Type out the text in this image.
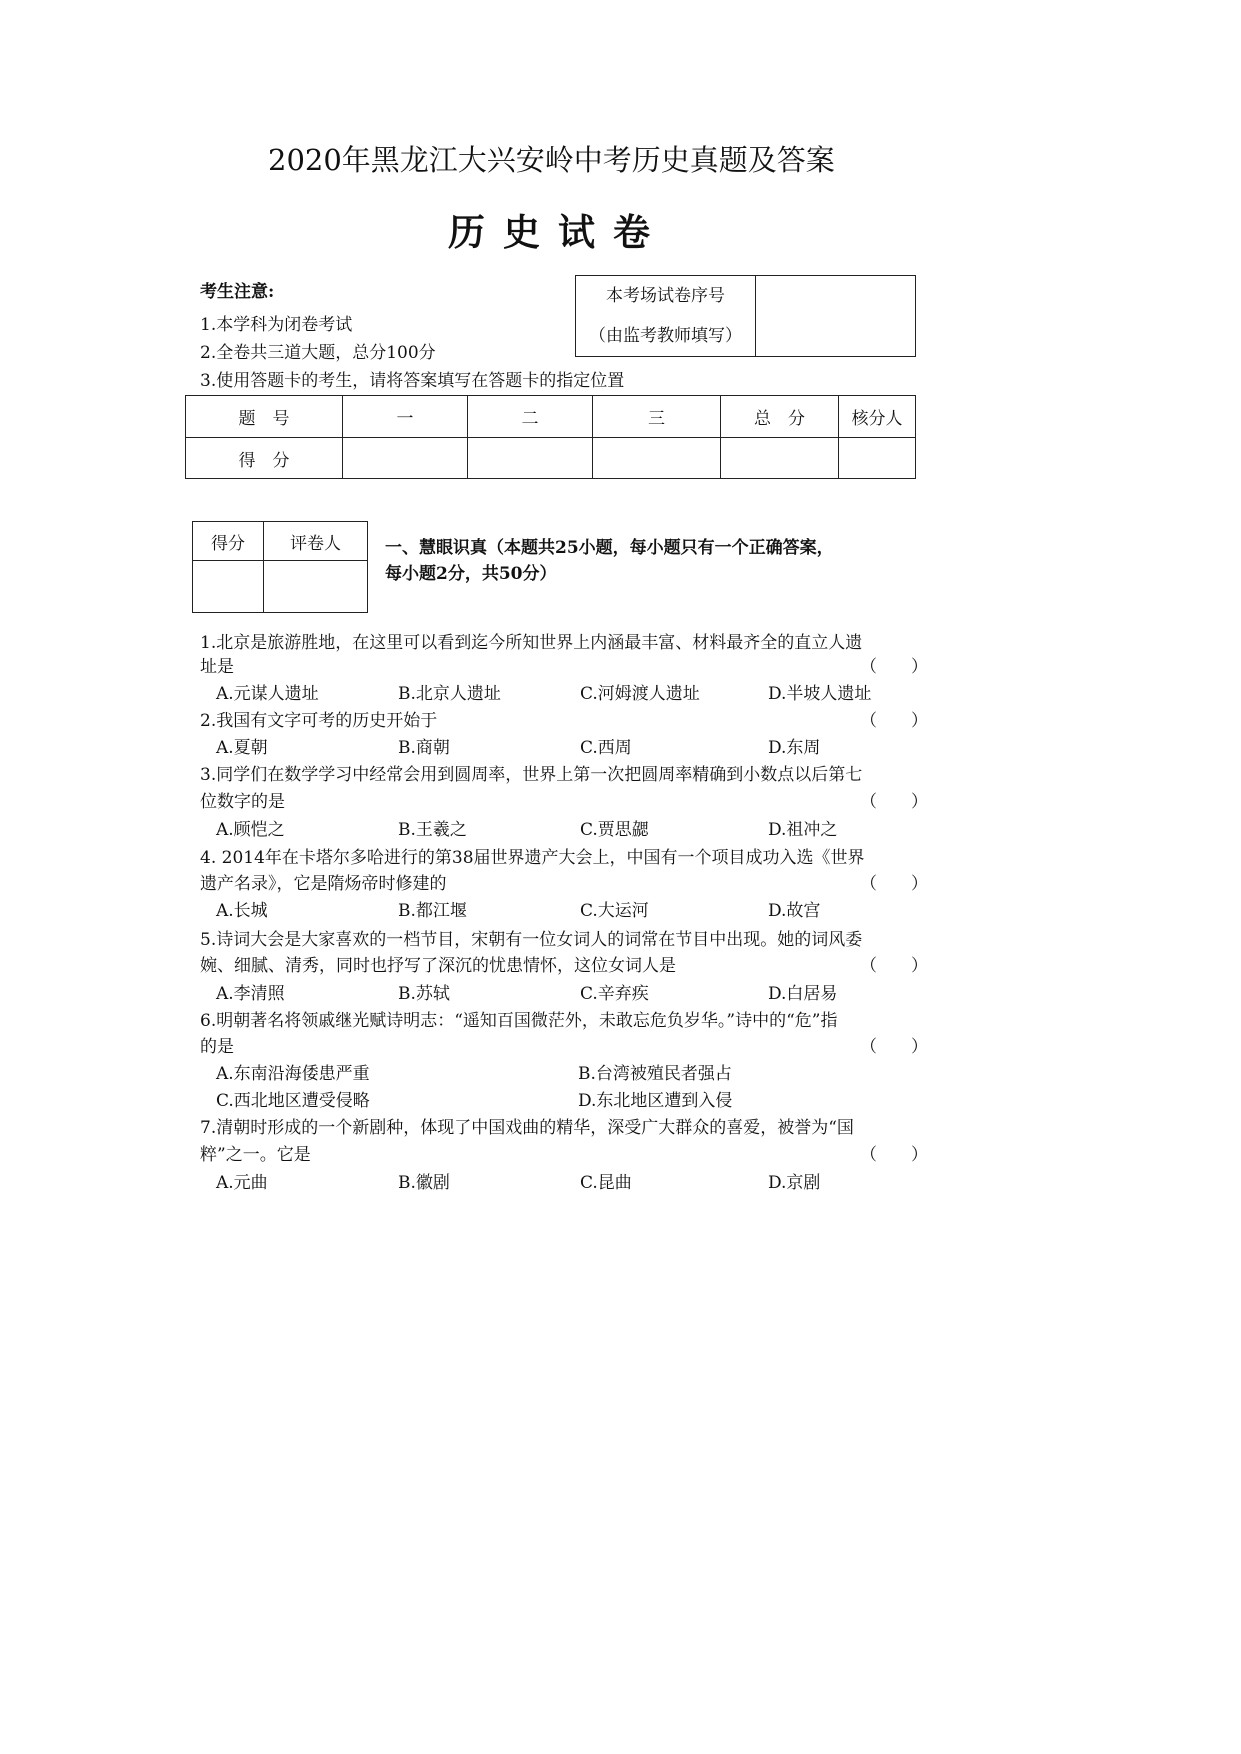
2020年黑龙江大兴安岭中考历史真题及答案
历史试卷
考生注意:
1.本学科为闭卷考试
2.全卷共三道大题，总分100分
3.使用答题卡的考生，请将答案填写在答题卡的指定位置
本考场试卷序号
（由监考教师填写）

题　号	一	二	三	总　分	核分人
得　分					
得分	评卷人
		一、慧眼识真（本题共25小题，每小题只有一个正确答案，
每小题2分，共50分）
1.北京是旅游胜地，在这里可以看到迄今所知世界上内涵最丰富、材料最齐全的直立人遗
址是
A.元谋人遗址	B.北京人遗址	C.河姆渡人遗址	D.半坡人遗址
（　　）
2.我国有文字可考的历史开始于
A.夏朝	B.商朝	C.西周	D.东周
（　　）
3.同学们在数学学习中经常会用到圆周率，世界上第一次把圆周率精确到小数点以后第七
位数字的是
A.顾恺之	B.王羲之	C.贾思勰	D.祖冲之
（　　）
4. 2014年在卡塔尔多哈进行的第38届世界遗产大会上，中国有一个项目成功入选《世界
遗产名录》，它是隋炀帝时修建的
A.长城	B.都江堰	C.大运河	D.故宫
（　　）
5.诗词大会是大家喜欢的一档节目，宋朝有一位女词人的词常在节目中出现。她的词风委
婉、细腻、清秀，同时也抒写了深沉的忧患情怀，这位女词人是
A.李清照	B.苏轼	C.辛弃疾	D.白居易
（　　）
6.明朝著名将领戚继光赋诗明志：“遥知百国微茫外，未敢忘危负岁华。”诗中的“危”指
的是
A.东南沿海倭患严重	B.台湾被殖民者强占
C.西北地区遭受侵略	D.东北地区遭到入侵
（　　）
7.清朝时形成的一个新剧种，体现了中国戏曲的精华，深受广大群众的喜爱，被誉为“国
粹”之一。它是
A.元曲	B.徽剧	C.昆曲	D.京剧
（　　）
